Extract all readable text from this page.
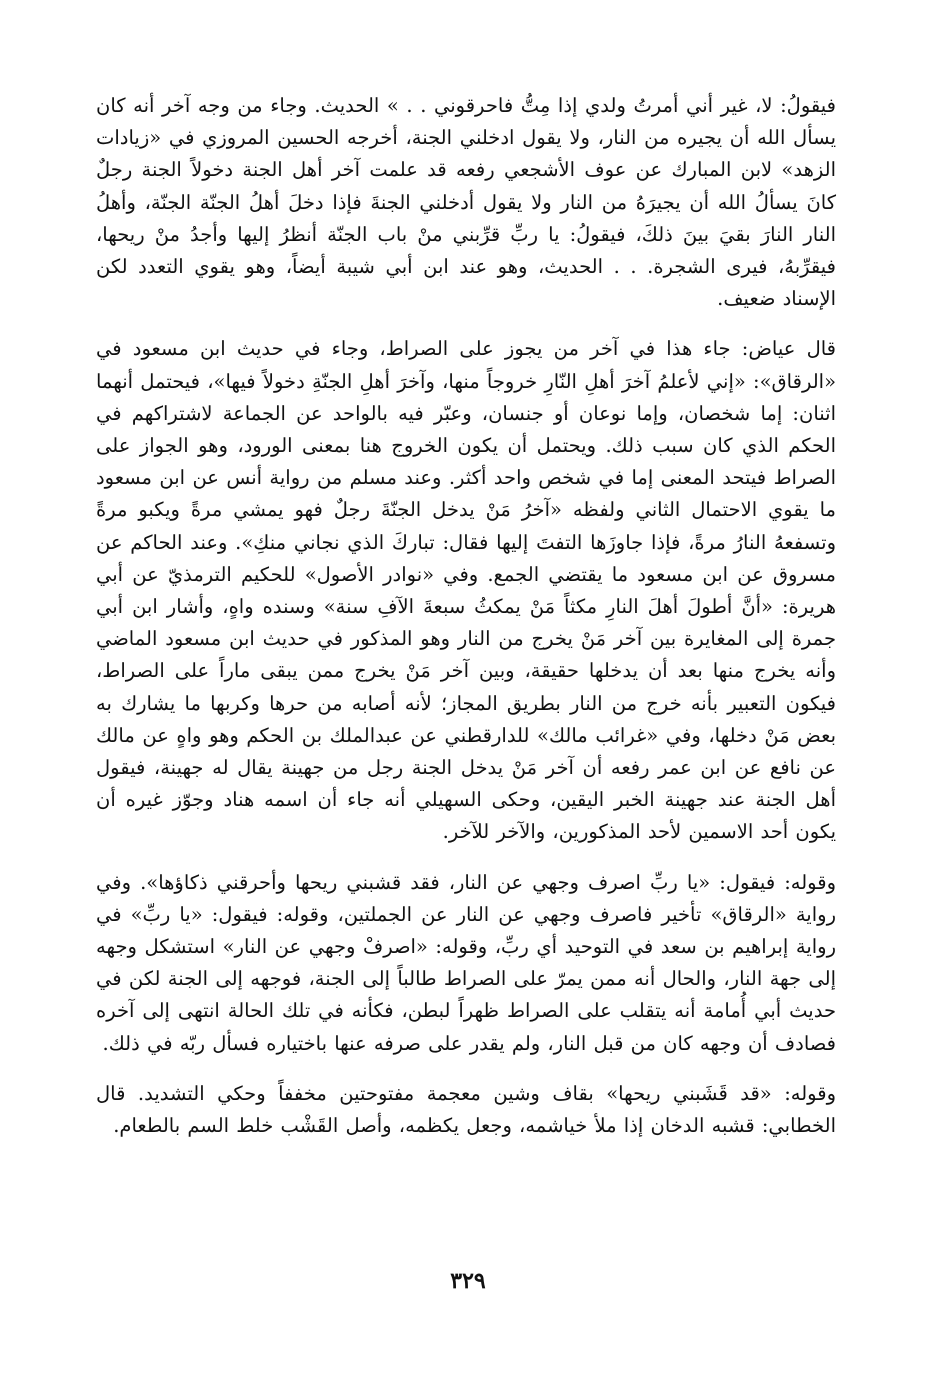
فيقولُ: لا، غير أني أمرتُ ولدي إذا مِتُّ فاحرقوني . . » الحديث. وجاء من وجه آخر أنه كان يسأل الله أن يجيره من النار، ولا يقول ادخلني الجنة، أخرجه الحسين المروزي في «زيادات الزهد» لابن المبارك عن عوف الأشجعي رفعه قد علمت آخر أهل الجنة دخولاً الجنة رجلٌ كانَ يسألُ الله أن يجيرَهُ من النار ولا يقول أدخلني الجنةَ فإذا دخلَ أهلُ الجنّة الجنّة، وأهلُ النار النارَ بقيَ بينَ ذلكَ، فيقولُ: يا ربِّ قرِّبني منْ باب الجنّة أنظرُ إليها وأجدُ منْ ريحها، فيقرِّبهُ، فيرى الشجرة. . . الحديث، وهو عند ابن أبي شيبة أيضاً، وهو يقوي التعدد لكن الإسناد ضعيف.

قال عياض: جاء هذا في آخر من يجوز على الصراط، وجاء في حديث ابن مسعود في «الرقاق»: «إني لأعلمُ آخرَ أهلِ النّارِ خروجاً منها، وآخرَ أهلِ الجنّةِ دخولاً فيها»، فيحتمل أنهما اثنان: إما شخصان، وإما نوعان أو جنسان، وعبّر فيه بالواحد عن الجماعة لاشتراكهم في الحكم الذي كان سبب ذلك. ويحتمل أن يكون الخروج هنا بمعنى الورود، وهو الجواز على الصراط فيتحد المعنى إما في شخص واحد أكثر. وعند مسلم من رواية أنس عن ابن مسعود ما يقوي الاحتمال الثاني ولفظه «آخرُ مَنْ يدخل الجنّةَ رجلٌ فهو يمشي مرةً ويكبو مرةً وتسفعهُ النارُ مرةً، فإذا جاوزَها التفتَ إليها فقال: تباركَ الذي نجاني منكِ». وعند الحاكم عن مسروق عن ابن مسعود ما يقتضي الجمع. وفي «نوادر الأصول» للحكيم الترمذيّ عن أبي هريرة: «أنَّ أطولَ أهلَ النارِ مكثاً مَنْ يمكثُ سبعةَ الآفِ سنة» وسنده واهٍ، وأشار ابن أبي جمرة إلى المغايرة بين آخر مَنْ يخرج من النار وهو المذكور في حديث ابن مسعود الماضي وأنه يخرج منها بعد أن يدخلها حقيقة، وبين آخر مَنْ يخرج ممن يبقى ماراً على الصراط، فيكون التعبير بأنه خرج من النار بطريق المجاز؛ لأنه أصابه من حرها وكربها ما يشارك به بعض مَنْ دخلها، وفي «غرائب مالك» للدارقطني عن عبدالملك بن الحكم وهو واهٍ عن مالك عن نافع عن ابن عمر رفعه أن آخر مَنْ يدخل الجنة رجل من جهينة يقال له جهينة، فيقول أهل الجنة عند جهينة الخبر اليقين، وحكى السهيلي أنه جاء أن اسمه هناد وجوّز غيره أن يكون أحد الاسمين لأحد المذكورين، والآخر للآخر.

وقوله: فيقول: «يا ربِّ اصرف وجهي عن النار، فقد قشبني ريحها وأحرقني ذكاؤها». وفي رواية «الرقاق» تأخير فاصرف وجهي عن النار عن الجملتين، وقوله: فيقول: «يا ربِّ» في رواية إبراهيم بن سعد في التوحيد أي ربِّ، وقوله: «اصرفْ وجهي عن النار» استشكل وجهه إلى جهة النار، والحال أنه ممن يمرّ على الصراط طالباً إلى الجنة، فوجهه إلى الجنة لكن في حديث أبي أُمامة أنه يتقلب على الصراط ظهراً لبطن، فكأنه في تلك الحالة انتهى إلى آخره فصادف أن وجهه كان من قبل النار، ولم يقدر على صرفه عنها باختياره فسأل ربّه في ذلك.

وقوله: «قد قَشَبني ريحها» بقاف وشين معجمة مفتوحتين مخففاً وحكي التشديد. قال الخطابي: قشبه الدخان إذا ملأ خياشمه، وجعل يكظمه، وأصل القَشْب خلط السم بالطعام.

٣٢٩
